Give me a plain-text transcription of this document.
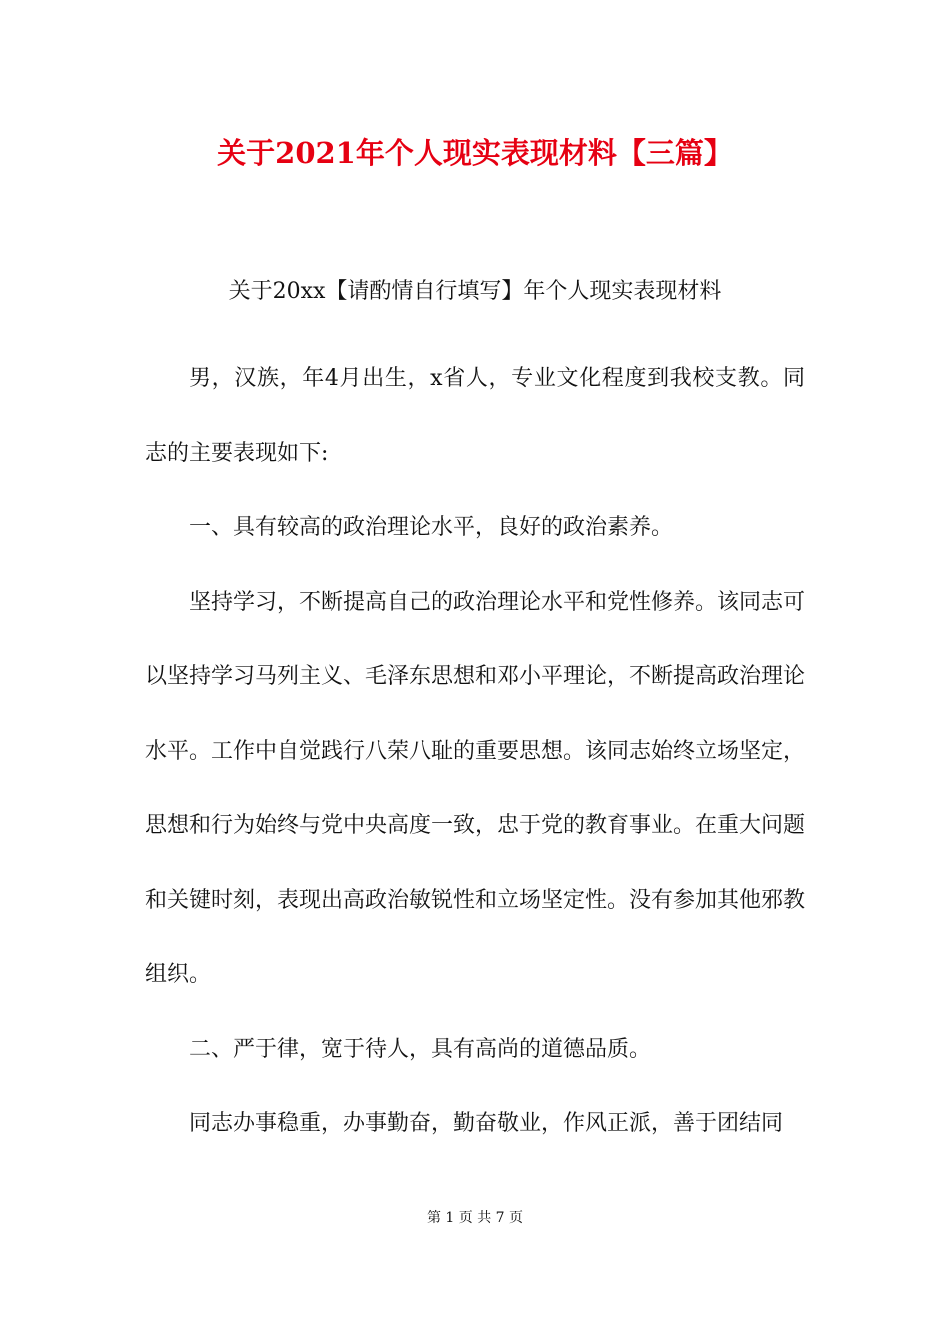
关于2021年个人现实表现材料【三篇】
关于20xx【请酌情自行填写】年个人现实表现材料

男，汉族，年4月出生，x省人，专业文化程度到我校支教。同志的主要表现如下:

一、具有较高的政治理论水平，良好的政治素养。

坚持学习，不断提高自己的政治理论水平和党性修养。该同志可以坚持学习马列主义、毛泽东思想和邓小平理论，不断提高政治理论水平。工作中自觉践行八荣八耻的重要思想。该同志始终立场坚定，思想和行为始终与党中央高度一致，忠于党的教育事业。在重大问题和关键时刻，表现出高政治敏锐性和立场坚定性。没有参加其他邪教组织。

二、严于律，宽于待人，具有高尚的道德品质。

同志办事稳重，办事勤奋，勤奋敬业，作风正派，善于团结同

第 1 页 共 7 页
